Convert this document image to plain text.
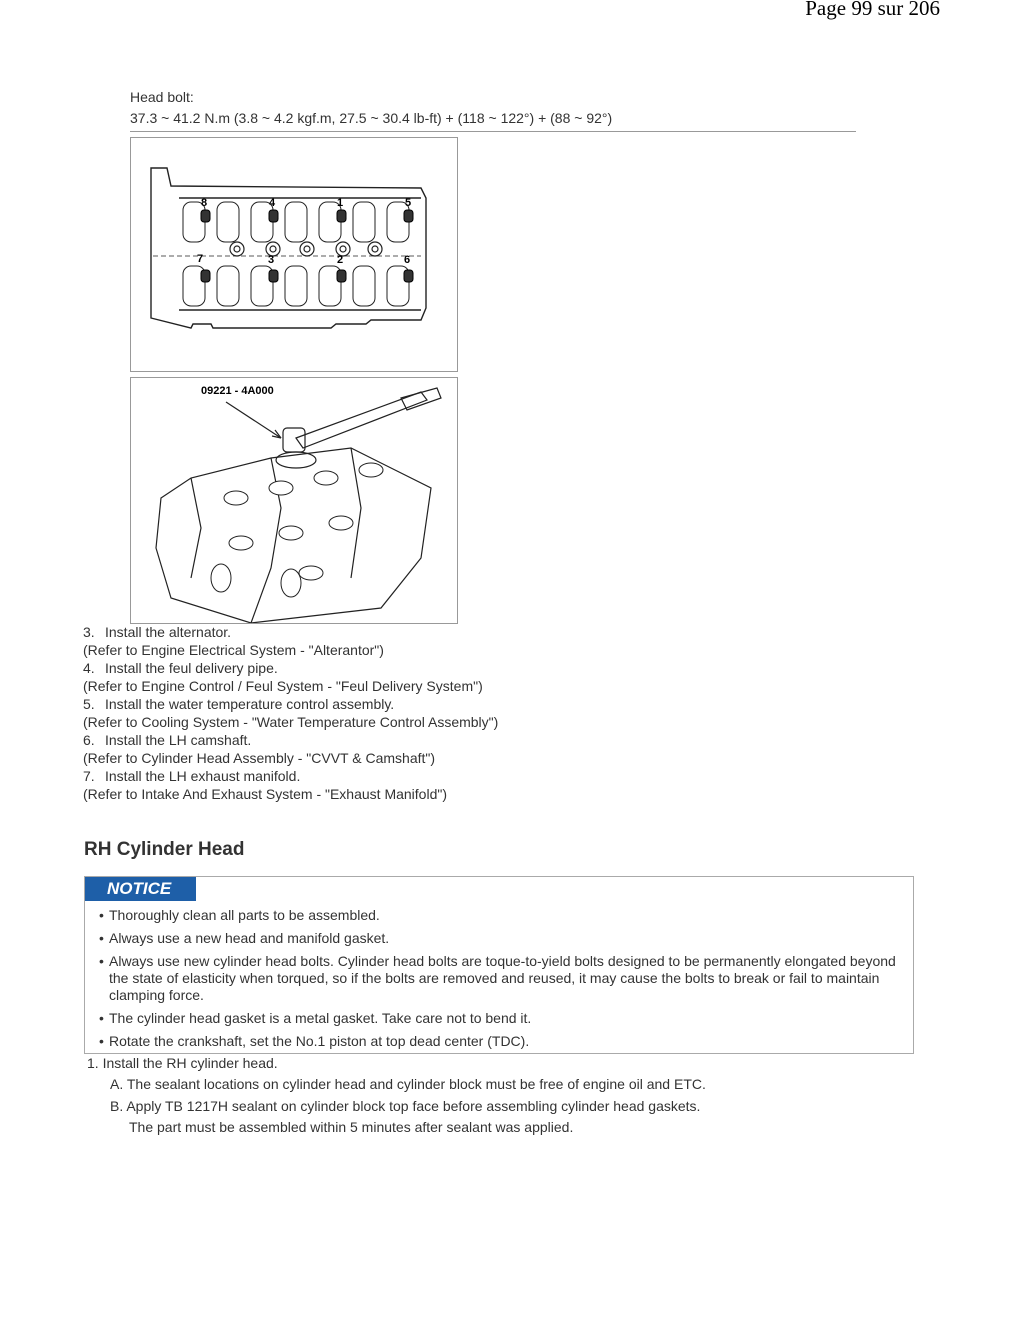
Page 99 sur 206
Head bolt:
37.3 ~ 41.2 N.m (3.8 ~ 4.2 kgf.m, 27.5 ~ 30.4 lb-ft) + (118 ~ 122°) + (88 ~ 92°)
8	4	1	5
7	3	2	6
09221 - 4A000
3. Install the alternator.
(Refer to Engine Electrical System - "Alterantor")
4. Install the feul delivery pipe.
(Refer to Engine Control / Feul System - "Feul Delivery System")
5. Install the water temperature control assembly.
(Refer to Cooling System - "Water Temperature Control Assembly")
6. Install the LH camshaft.
(Refer to Cylinder Head Assembly - "CVVT & Camshaft")
7. Install the LH exhaust manifold.
(Refer to Intake And Exhaust System - "Exhaust Manifold")
RH Cylinder Head
NOTICE
• Thoroughly clean all parts to be assembled.
• Always use a new head and manifold gasket.
• Always use new cylinder head bolts. Cylinder head bolts are toque-to-yield bolts designed to be permanently elongated beyond the state of elasticity when torqued, so if the bolts are removed and reused, it may cause the bolts to break or fail to maintain clamping force.
• The cylinder head gasket is a metal gasket. Take care not to bend it.
• Rotate the crankshaft, set the No.1 piston at top dead center (TDC).
1. Install the RH cylinder head.
A. The sealant locations on cylinder head and cylinder block must be free of engine oil and ETC.
B. Apply TB 1217H sealant on cylinder block top face before assembling cylinder head gaskets.
The part must be assembled within 5 minutes after sealant was applied.
